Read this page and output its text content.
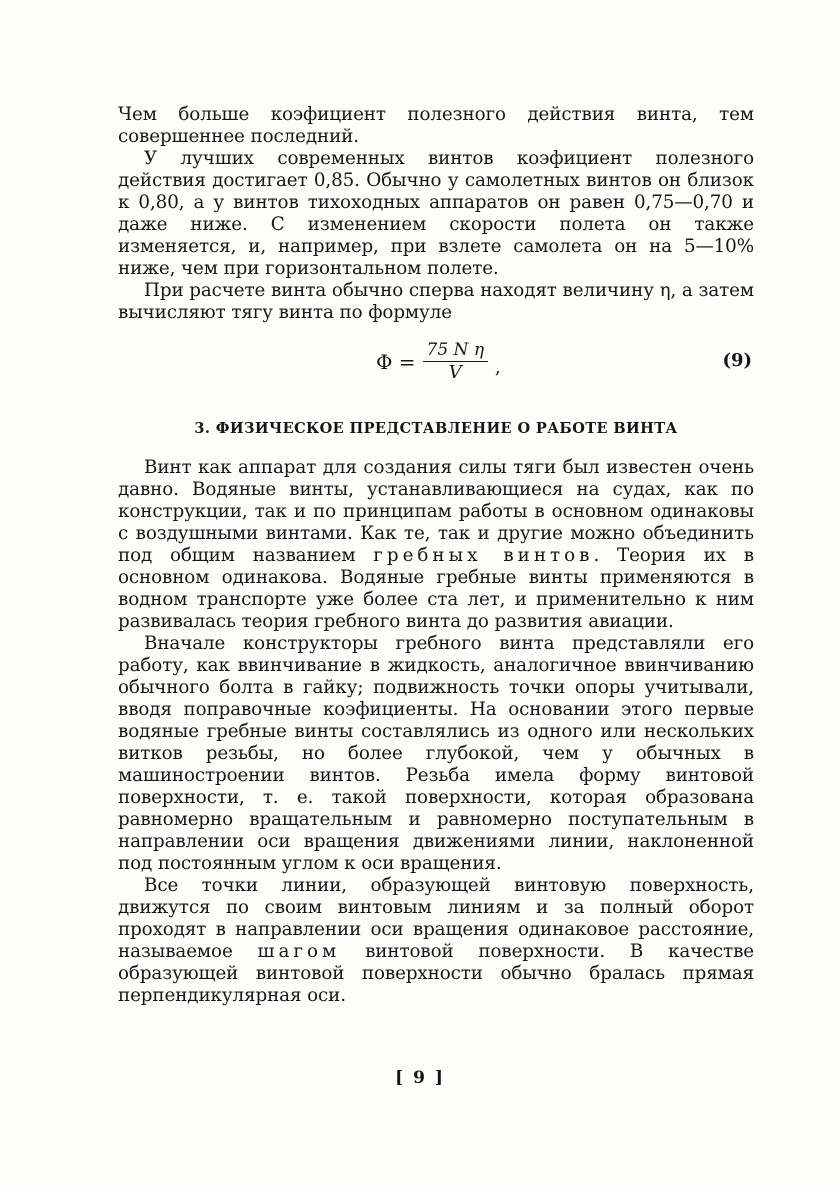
Чем больше коэфициент полезного действия винта, тем совершеннее последний.

У лучших современных винтов коэфициент полезного действия достигает 0,85. Обычно у самолетных винтов он близок к 0,80, а у винтов тихоходных аппаратов он равен 0,75—0,70 и даже ниже. С изменением скорости полета он также изменяется, и, например, при взлете самолета он на 5—10% ниже, чем при горизонтальном полете.

При расчете винта обычно сперва находят величину η, а затем вычисляют тягу винта по формуле

$\Phi = \frac{\text{75 N η}}{V}$ ,	(9)
3. ФИЗИЧЕСКОЕ ПРЕДСТАВЛЕНИЕ О РАБОТЕ ВИНТА

Винт как аппарат для создания силы тяги был известен очень давно. Водяные винты, устанавливающиеся на судах, как по конструкции, так и по принципам работы в основном одинаковы с воздушными винтами. Как те, так и другие можно объединить под общим названием гребных винтов. Теория их в основном одинакова. Водяные гребные винты применяются в водном транспорте уже более ста лет, и применительно к ним развивалась теория гребного винта до развития авиации.

Вначале конструкторы гребного винта представляли его работу, как ввинчивание в жидкость, аналогичное ввинчиванию обычного болта в гайку; подвижность точки опоры учитывали, вводя поправочные коэфициенты. На основании этого первые водяные гребные винты составлялись из одного или нескольких витков резьбы, но более глубокой, чем у обычных в машиностроении винтов. Резьба имела форму винтовой поверхности, т. е. такой поверхности, которая образована равномерно вращательным и равномерно поступательным в направлении оси вращения движениями линии, наклоненной под постоянным углом к оси вращения.

Все точки линии, образующей винтовую поверхность, движутся по своим винтовым линиям и за полный оборот проходят в направлении оси вращения одинаковое расстояние, называемое шагом винтовой поверхности. В качестве образующей винтовой поверхности обычно бралась прямая перпендикулярная оси.

[ 9 ]
